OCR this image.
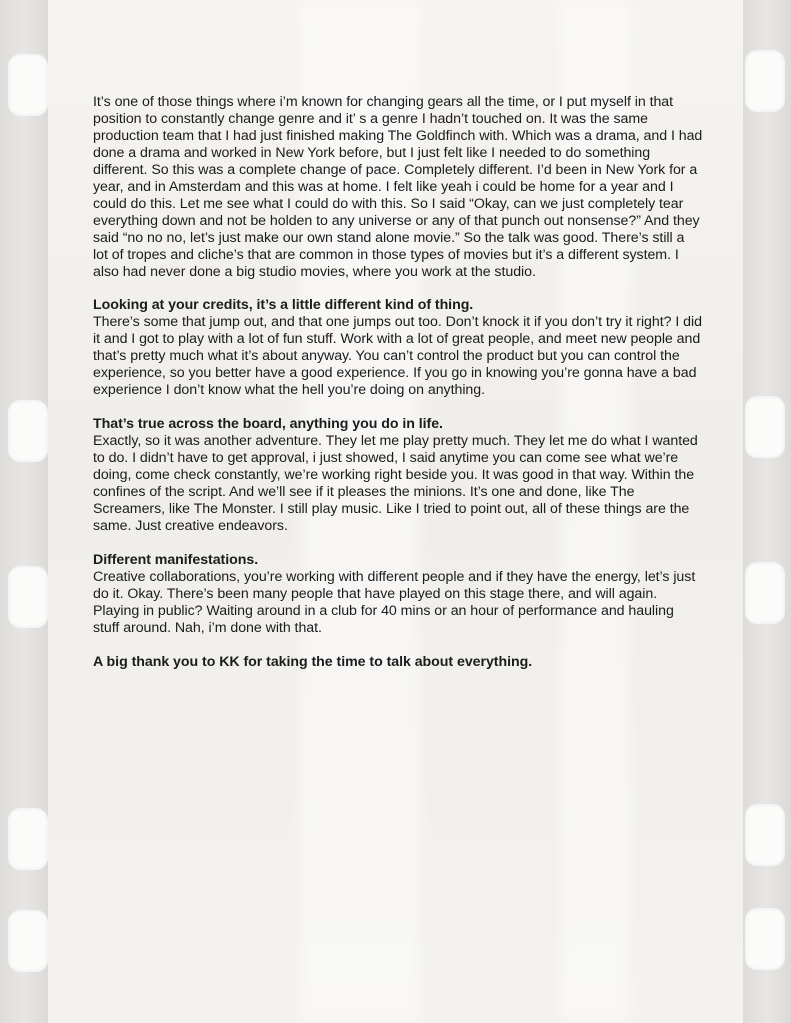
It’s one of those things where i’m known for changing gears all the time, or I put myself in that position to constantly change genre and it’ s a genre I hadn’t touched on. It was the same production team that I had just finished making The Goldfinch with. Which was a drama, and I had done a drama and worked in New York before, but I just felt like I needed to do something different. So this was a complete change of pace. Completely different. I’d been in New York for a year, and in Amsterdam and this was at home. I felt like yeah i could be home for a year and I could do this. Let me see what I could do with this. So I said “Okay, can we just completely tear everything down and not be holden to any universe or any of that punch out nonsense?” And they said “no no no, let’s just make our own stand alone movie.” So the talk was good. There’s still a lot of tropes and cliche’s that are common in those types of movies but it’s a different system. I also had never done a big studio movies, where you work at the studio.

Looking at your credits, it’s a little different kind of thing.
There’s some that jump out, and that one jumps out too. Don’t knock it if you don’t try it right? I did it and I got to play with a lot of fun stuff. Work with a lot of great people, and meet new people and that’s pretty much what it’s about anyway. You can’t control the product but you can control the experience, so you better have a good experience. If you go in knowing you’re gonna have a bad experience I don’t know what the hell you’re doing on anything.

That’s true across the board, anything you do in life.
Exactly, so it was another adventure. They let me play pretty much. They let me do what I wanted to do. I didn’t have to get approval, i just showed, I said anytime you can come see what we’re doing, come check constantly, we’re working right beside you. It was good in that way. Within the confines of the script. And we’ll see if it pleases the minions. It’s one and done, like The Screamers, like The Monster. I still play music. Like I tried to point out, all of these things are the same. Just creative endeavors.

Different manifestations.
Creative collaborations, you’re working with different people and if they have the energy, let’s just do it. Okay. There’s been many people that have played on this stage there, and will again. Playing in public? Waiting around in a club for 40 mins or an hour of performance and hauling stuff around. Nah, i’m done with that.

A big thank you to KK for taking the time to talk about everything.
